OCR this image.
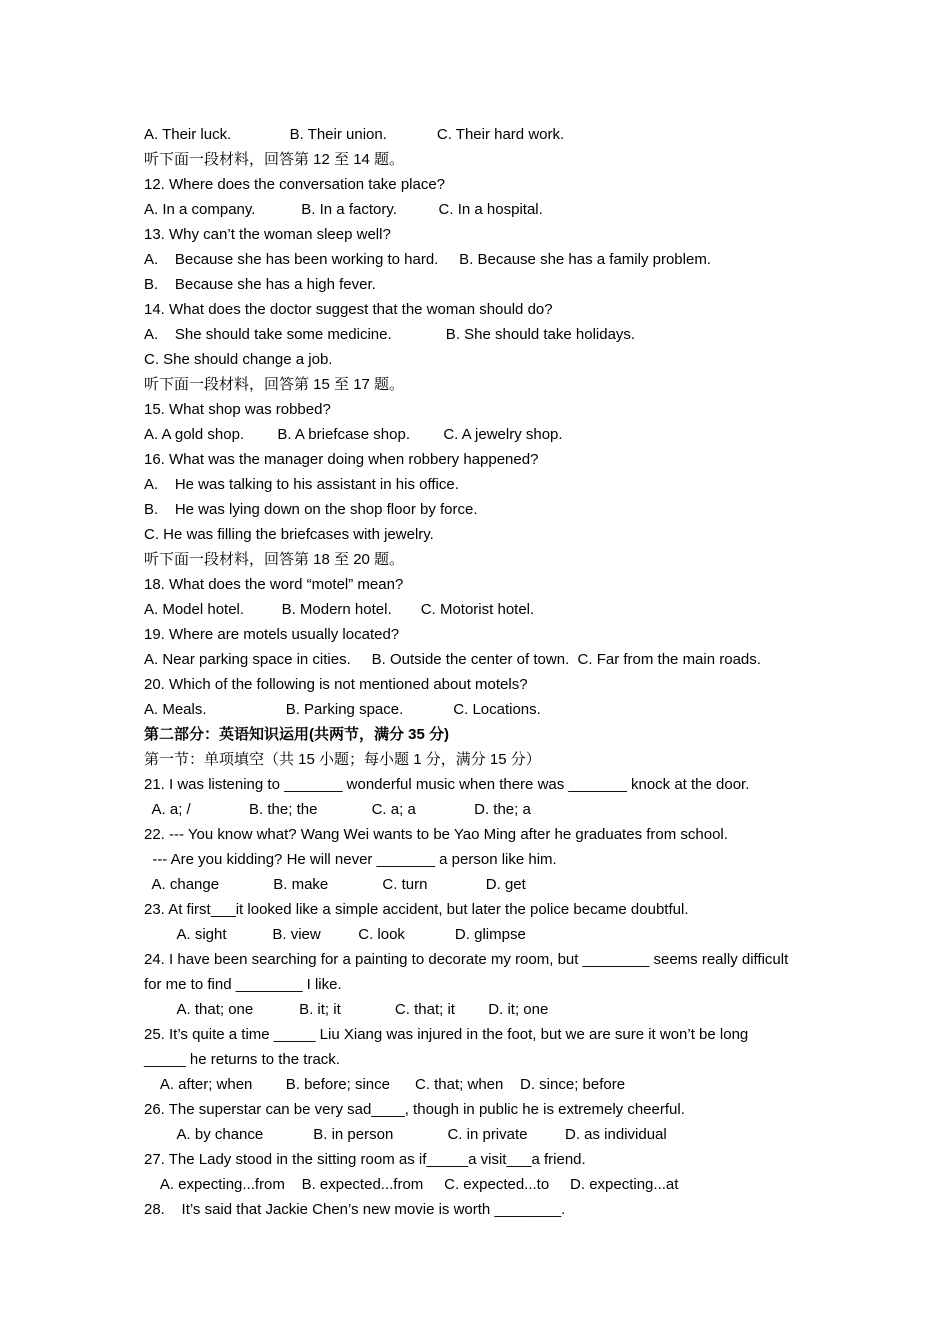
A. Their luck.              B. Their union.            C. Their hard work.
听下面一段材料，回答第 12 至 14 题。
12. Where does the conversation take place?
A. In a company.           B. In a factory.          C. In a hospital.
13. Why can’t the woman sleep well?
A.    Because she has been working to hard.     B. Because she has a family problem.
B.    Because she has a high fever.
14. What does the doctor suggest that the woman should do?
A.    She should take some medicine.             B. She should take holidays.
C. She should change a job.
听下面一段材料，回答第 15 至 17 题。
15. What shop was robbed?
A. A gold shop.        B. A briefcase shop.        C. A jewelry shop.
16. What was the manager doing when robbery happened?
A.    He was talking to his assistant in his office.
B.    He was lying down on the shop floor by force.
C. He was filling the briefcases with jewelry.
听下面一段材料，回答第 18 至 20 题。
18. What does the word “motel” mean?
A. Model hotel.         B. Modern hotel.       C. Motorist hotel.
19. Where are motels usually located?
A. Near parking space in cities.     B. Outside the center of town.  C. Far from the main roads.
20. Which of the following is not mentioned about motels?
A. Meals.                   B. Parking space.            C. Locations.
第二部分：英语知识运用(共两节，满分 35 分)
第一节：单项填空（共 15 小题；每小题 1 分，满分 15 分）
21. I was listening to _______ wonderful music when there was _______ knock at the door.
A. a; /              B. the; the             C. a; a              D. the; a
22. --- You know what? Wang Wei wants to be Yao Ming after he graduates from school.
--- Are you kidding? He will never _______ a person like him.
A. change             B. make             C. turn              D. get
23. At first___it looked like a simple accident, but later the police became doubtful.
A. sight           B. view         C. look            D. glimpse
24. I have been searching for a painting to decorate my room, but ________ seems really difficult
for me to find ________ I like.
A. that; one           B. it; it             C. that; it        D. it; one
25. It’s quite a time _____ Liu Xiang was injured in the foot, but we are sure it won’t be long
_____ he returns to the track.
A. after; when        B. before; since      C. that; when    D. since; before
26. The superstar can be very sad____, though in public he is extremely cheerful.
A. by chance            B. in person             C. in private         D. as individual
27. The Lady stood in the sitting room as if_____a visit___a friend.
A. expecting...from    B. expected...from     C. expected...to     D. expecting...at
28.    It’s said that Jackie Chen’s new movie is worth ________.
